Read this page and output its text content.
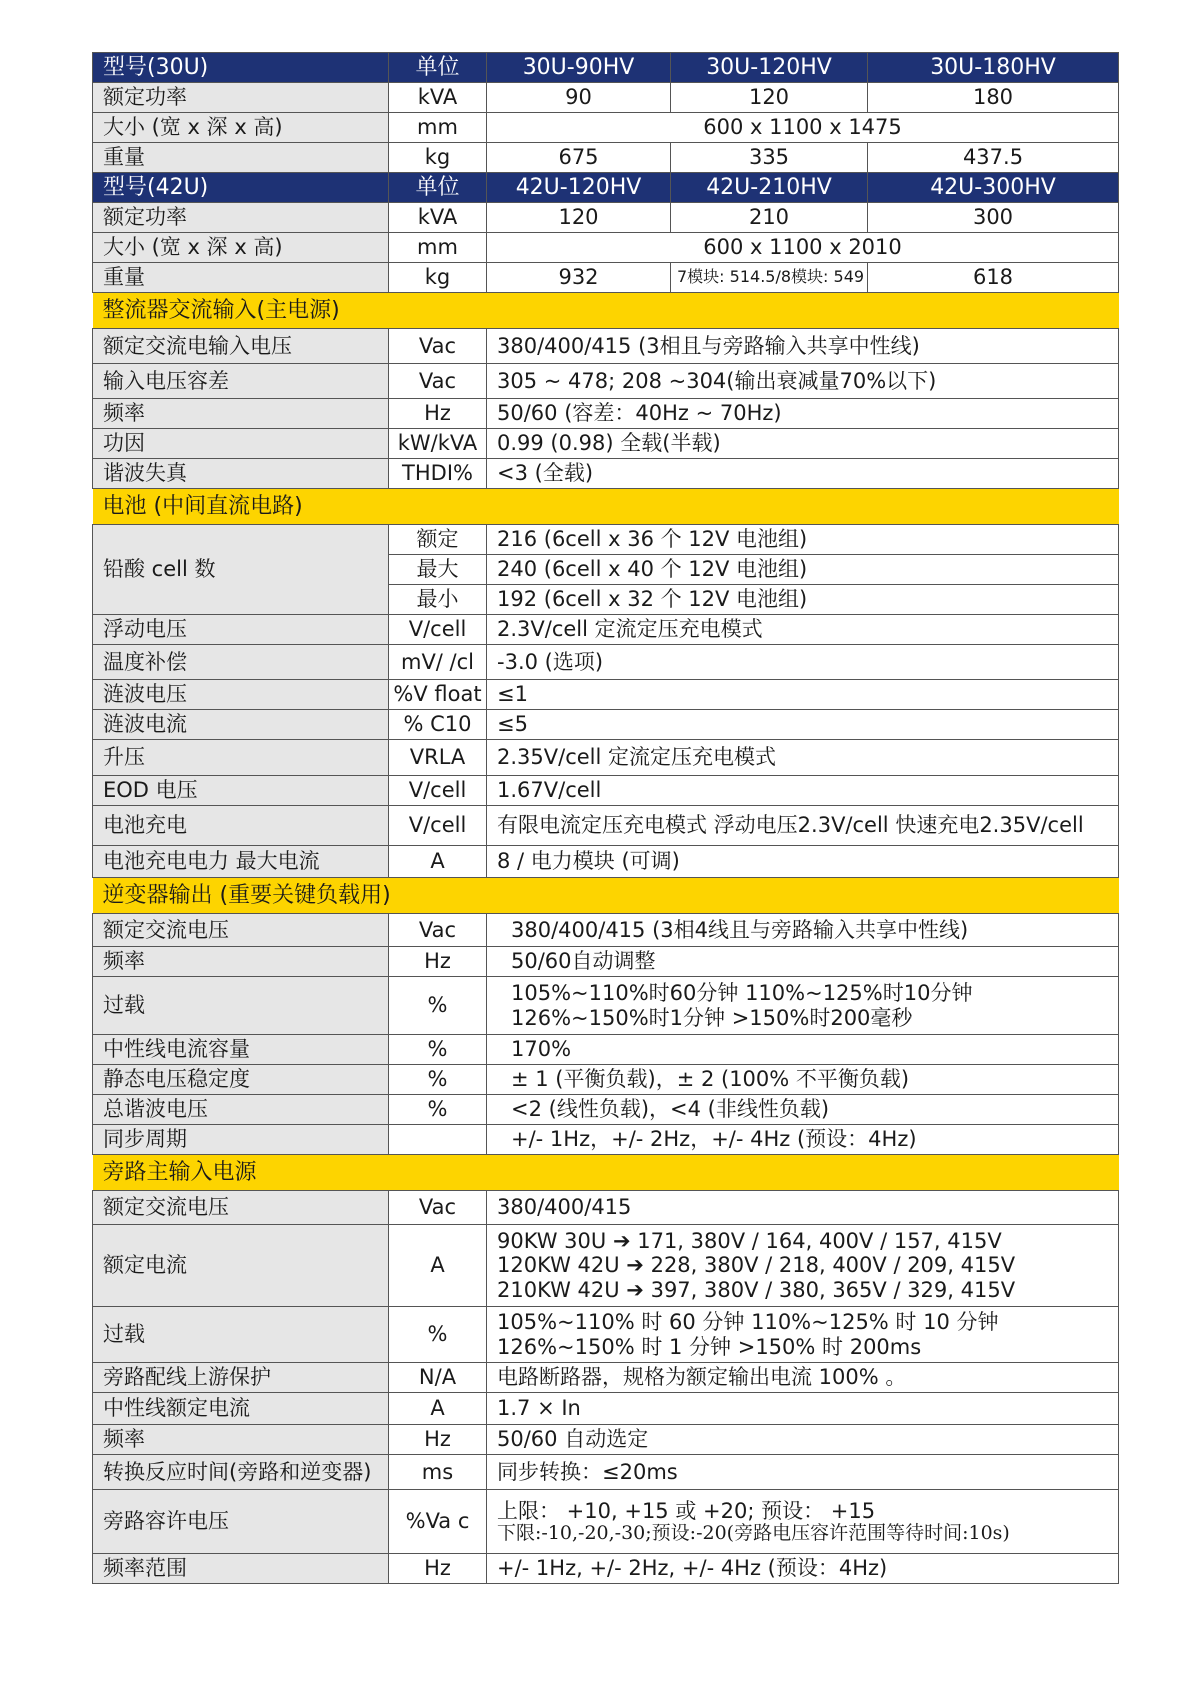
型号(30U)	单位	30U-90HV	30U-120HV	30U-180HV
额定功率	kVA	90	120	180
大小 (宽 x 深 x 高)	mm	600 x 1100 x 1475		
重量	kg	675	335	437.5
型号(42U)	单位	42U-120HV	42U-210HV	42U-300HV
额定功率	kVA	120	210	300
大小 (宽 x 深 x 高)	mm	600 x 1100 x 2010		
重量	kg	932	7模块: 514.5/8模块: 549	618
整流器交流输入(主电源)				
额定交流电输入电压	Vac	380/400/415 (3相且与旁路输入共享中性线)		
输入电压容差	Vac	305 ~ 478; 208 ~304(输出衰减量70%以下)		
频率	Hz	50/60 (容差：40Hz ~ 70Hz)		
功因	kW/kVA	0.99 (0.98) 全载(半载)		
谐波失真	THDI%	<3 (全载)		
电池 (中间直流电路)				
铅酸 cell 数	额定	216 (6cell x 36 个 12V 电池组)		
	最大	240 (6cell x 40 个 12V 电池组)		
	最小	192 (6cell x 32 个 12V 电池组)		
浮动电压	V/cell	2.3V/cell 定流定压充电模式		
温度补偿	mV/ /cl	-3.0 (选项)		
涟波电压	%V float	≤1		
涟波电流	% C10	≤5		
升压	VRLA	2.35V/cell 定流定压充电模式		
EOD 电压	V/cell	1.67V/cell		
电池充电	V/cell	有限电流定压充电模式 浮动电压2.3V/cell 快速充电2.35V/cell		
电池充电电力 最大电流	A	8 / 电力模块 (可调)		
逆变器输出 (重要关键负载用)				
额定交流电压	Vac	380/400/415 (3相4线且与旁路输入共享中性线)		
频率	Hz	50/60自动调整		
过载	%	105%~110%时60分钟 110%~125%时10分钟
126%~150%时1分钟 >150%时200毫秒		

中性线电流容量	%	170%		
静态电压稳定度	%	± 1 (平衡负载)，± 2 (100% 不平衡负载)		
总谐波电压	%	<2 (线性负载)，<4 (非线性负载)		
同步周期		+/- 1Hz，+/- 2Hz，+/- 4Hz (预设：4Hz)		
旁路主输入电源				
额定交流电压	Vac	380/400/415		
额定电流	A	90KW 30U ➔ 171, 380V / 164, 400V / 157, 415V
120KW 42U ➔ 228, 380V / 218, 400V / 209, 415V
210KW 42U ➔ 397, 380V / 380, 365V / 329, 415V		

过载	%	105%~110% 时 60 分钟 110%~125% 时 10 分钟
126%~150% 时 1 分钟 >150% 时 200ms		

旁路配线上游保护	N/A	电路断路器，规格为额定输出电流 100% 。		
中性线额定电流	A	1.7 × In		
频率	Hz	50/60 自动选定		
转换反应时间(旁路和逆变器)	ms	同步转换：≤20ms		
旁路容许电压	%Va c	上限： +10, +15 或 +20; 预设： +15
下限:-10,-20,-30;预设:-20(旁路电压容许范围等待时间:10s)		

频率范围	Hz	+/- 1Hz, +/- 2Hz, +/- 4Hz (预设：4Hz)		
